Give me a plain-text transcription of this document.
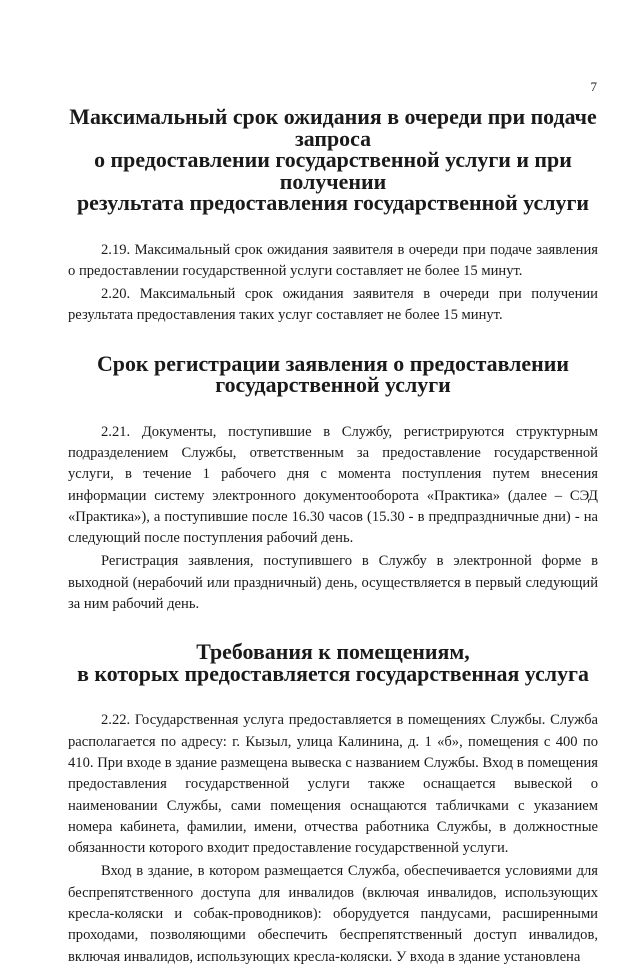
7
Максимальный срок ожидания в очереди при подаче запроса
о предоставлении государственной услуги и при получении
результата предоставления государственной услуги

2.19. Максимальный срок ожидания заявителя в очереди при подаче заявления о предоставлении государственной услуги составляет не более 15 минут.

2.20. Максимальный срок ожидания заявителя в очереди при получении результата предоставления таких услуг составляет не более 15 минут.

Срок регистрации заявления о предоставлении
государственной услуги

2.21. Документы, поступившие в Службу, регистрируются структурным подразделением Службы, ответственным за предоставление государственной услуги, в течение 1 рабочего дня с момента поступления путем внесения информации систему электронного документооборота «Практика» (далее – СЭД «Практика»), а поступившие после 16.30 часов (15.30 - в предпраздничные дни) - на следующий после поступления рабочий день.

Регистрация заявления, поступившего в Службу в электронной форме в выходной (нерабочий или праздничный) день, осуществляется в первый следующий за ним рабочий день.

Требования к помещениям,
в которых предоставляется государственная услуга

2.22. Государственная услуга предоставляется в помещениях Службы. Служба располагается по адресу: г. Кызыл, улица Калинина, д. 1 «б», помещения с 400 по 410. При входе в здание размещена вывеска с названием Службы. Вход в помещения предоставления государственной услуги также оснащается вывеской о наименовании Службы, сами помещения оснащаются табличками с указанием номера кабинета, фамилии, имени, отчества работника Службы, в должностные обязанности которого входит предоставление государственной услуги.

Вход в здание, в котором размещается Служба, обеспечивается условиями для беспрепятственного доступа для инвалидов (включая инвалидов, использующих кресла-коляски и собак-проводников): оборудуется пандусами, расширенными проходами, позволяющими обеспечить беспрепятственный доступ инвалидов, включая инвалидов, использующих кресла-коляски. У входа в здание установлена
